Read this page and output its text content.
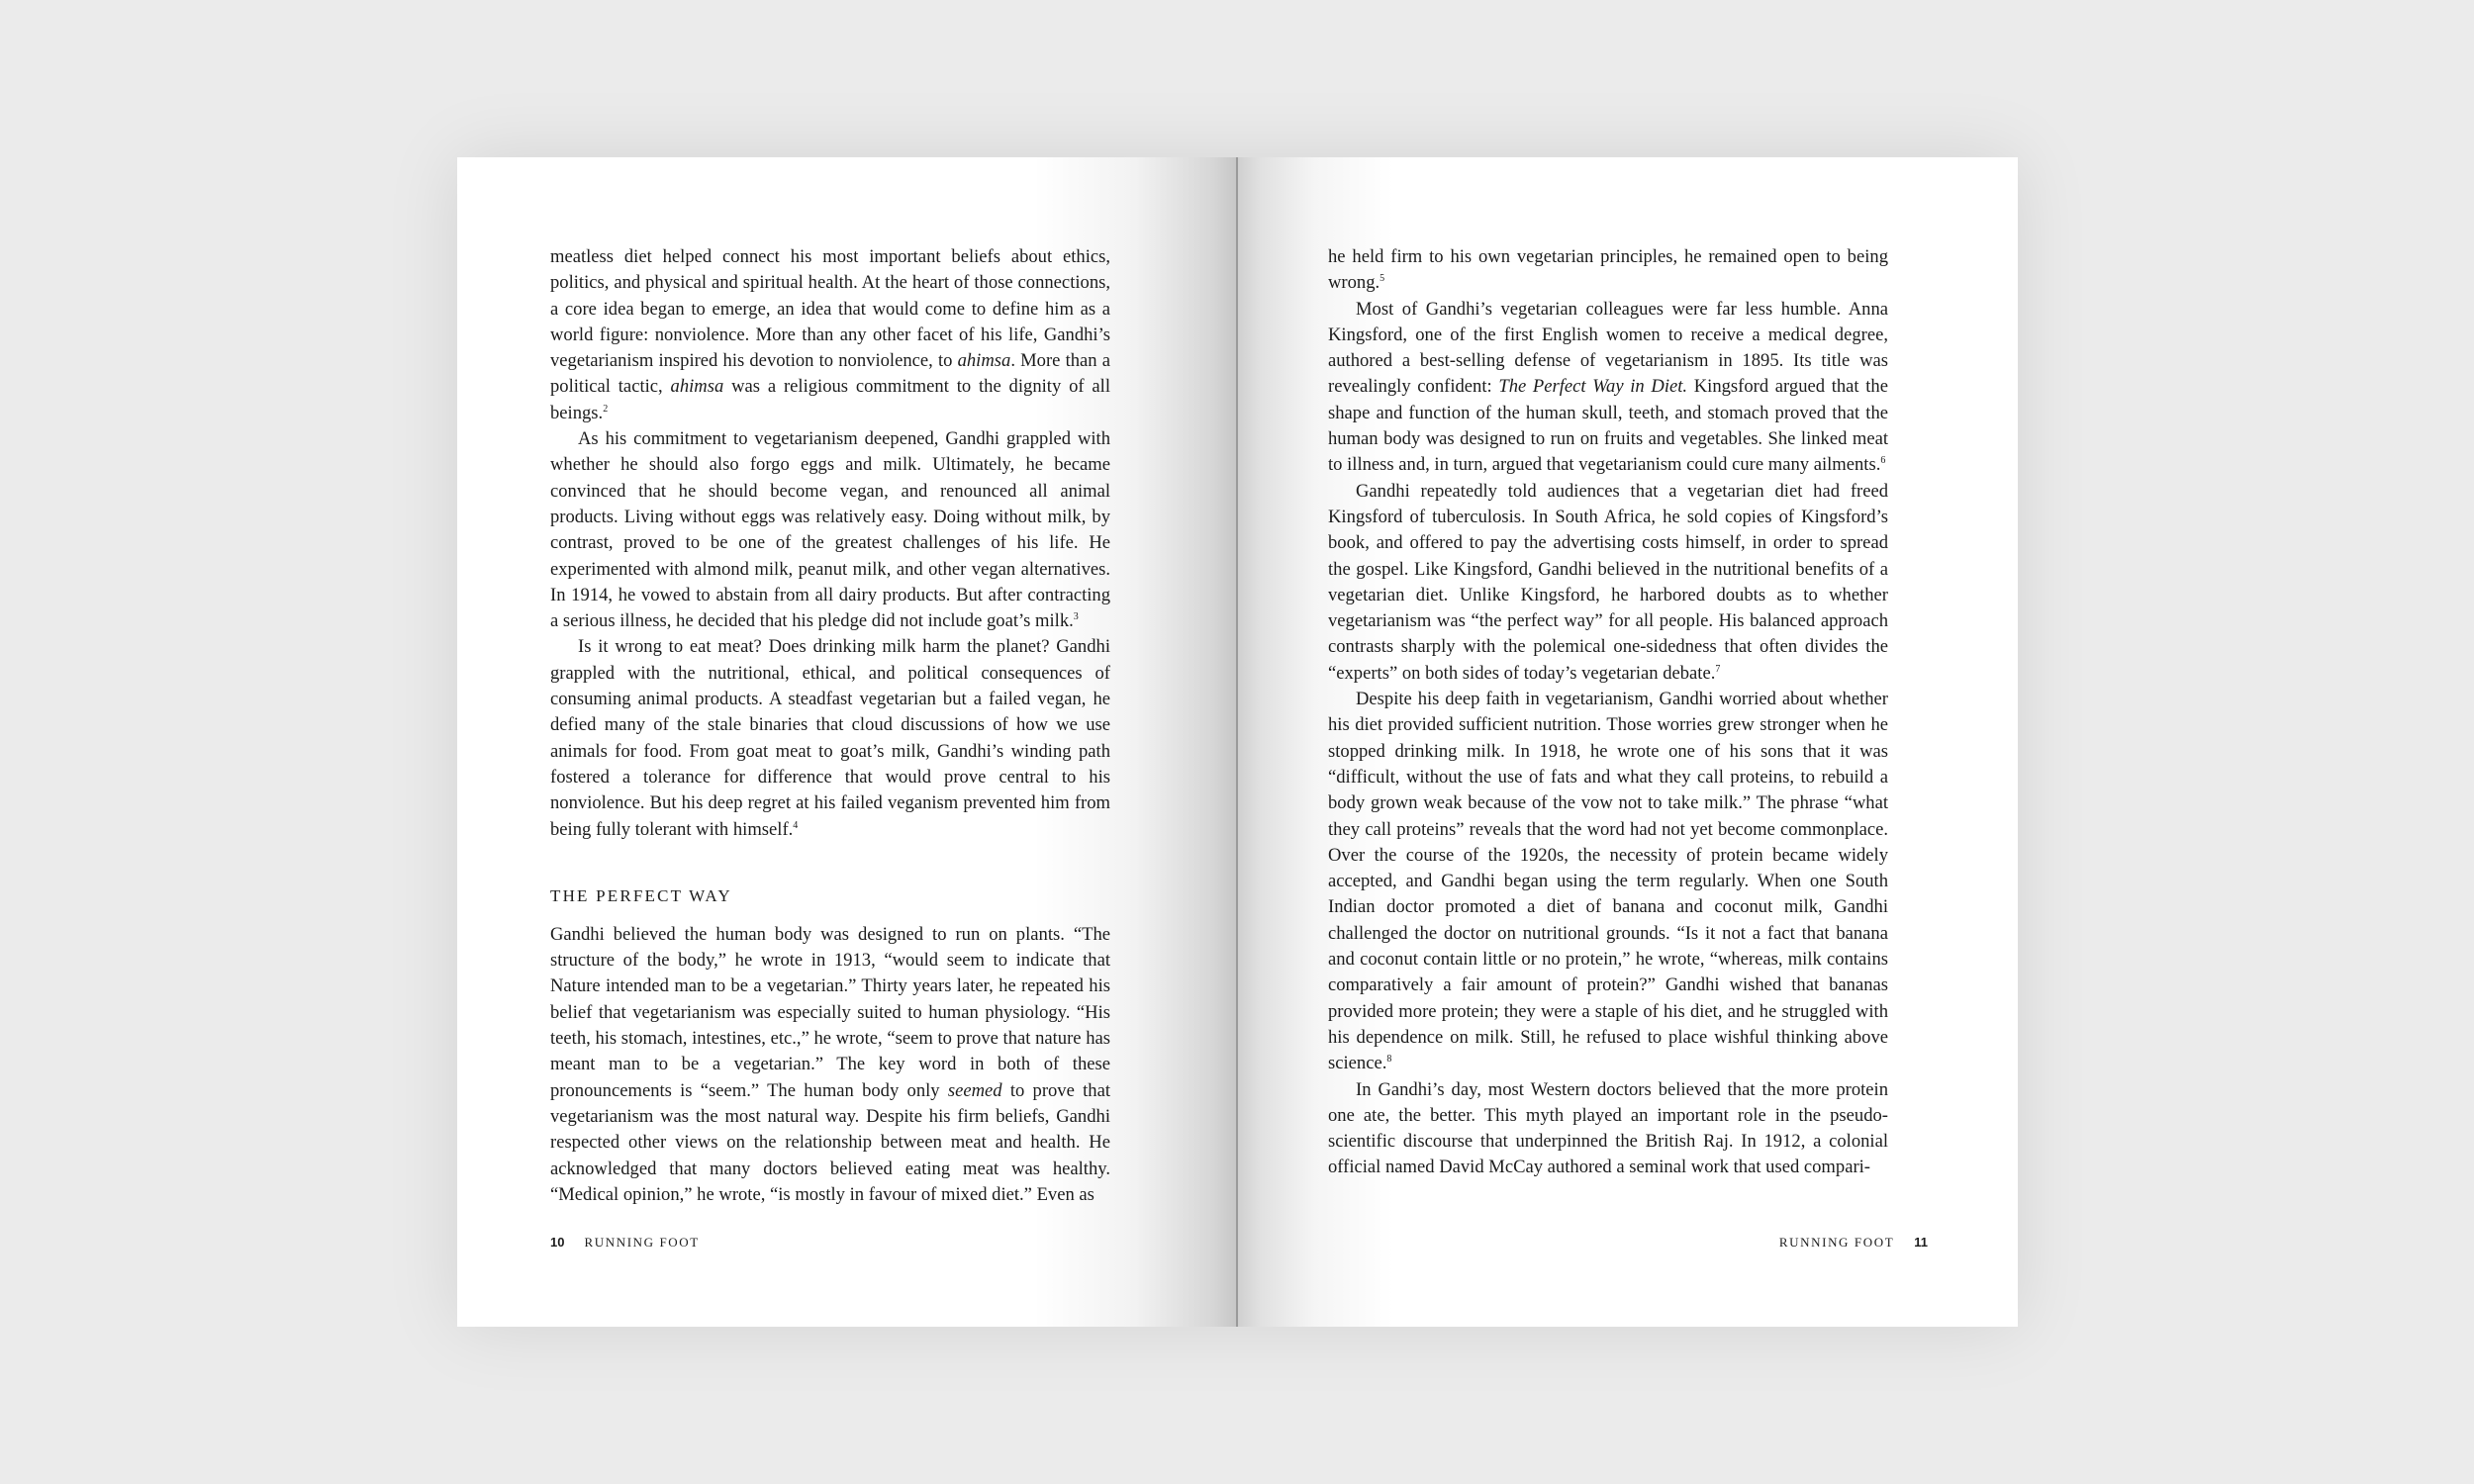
meatless diet helped connect his most important beliefs about ethics, politics, and physical and spiritual health. At the heart of those connections, a core idea began to emerge, an idea that would come to define him as a world figure: nonviolence. More than any other facet of his life, Gandhi’s vegetarianism inspired his devotion to nonviolence, to ahimsa. More than a political tactic, ahimsa was a religious commitment to the dignity of all beings.$^2$

As his commitment to vegetarianism deepened, Gandhi grappled with whether he should also forgo eggs and milk. Ultimately, he became convinced that he should become vegan, and renounced all animal products. Living without eggs was relatively easy. Doing without milk, by contrast, proved to be one of the greatest challenges of his life. He experimented with almond milk, peanut milk, and other vegan alternatives. In 1914, he vowed to abstain from all dairy products. But after contracting a serious illness, he decided that his pledge did not include goat’s milk.$^3$

Is it wrong to eat meat? Does drinking milk harm the planet? Gandhi grappled with the nutritional, ethical, and political consequences of consuming animal products. A steadfast vegetarian but a failed vegan, he defied many of the stale binaries that cloud discussions of how we use animals for food. From goat meat to goat’s milk, Gandhi’s winding path fostered a tolerance for difference that would prove central to his nonviolence. But his deep regret at his failed veganism prevented him from being fully tolerant with himself.$^4$

THE PERFECT WAY

Gandhi believed the human body was designed to run on plants. “The structure of the body,” he wrote in 1913, “would seem to indicate that Nature intended man to be a vegetarian.” Thirty years later, he repeated his belief that vegetarianism was especially suited to human physiology. “His teeth, his stomach, intestines, etc.,” he wrote, “seem to prove that nature has meant man to be a vegetarian.” The key word in both of these pronouncements is “seem.” The human body only seemed to prove that vegetarianism was the most natural way. Despite his firm beliefs, Gandhi respected other views on the relationship between meat and health. He acknowledged that many doctors believed eating meat was healthy. “Medical opinion,” he wrote, “is mostly in favour of mixed diet.” Even as

10 RUNNING FOOT

he held firm to his own vegetarian principles, he remained open to being wrong.$^5$

Most of Gandhi’s vegetarian colleagues were far less humble. Anna Kingsford, one of the first English women to receive a medical degree, authored a best-selling defense of vegetarianism in 1895. Its title was revealingly confident: The Perfect Way in Diet. Kingsford argued that the shape and function of the human skull, teeth, and stomach proved that the human body was designed to run on fruits and vegetables. She linked meat to illness and, in turn, argued that vegetarianism could cure many ailments.$^6$

Gandhi repeatedly told audiences that a vegetarian diet had freed Kingsford of tuberculosis. In South Africa, he sold copies of Kingsford’s book, and offered to pay the advertising costs himself, in order to spread the gospel. Like Kingsford, Gandhi believed in the nutritional benefits of a vegetarian diet. Unlike Kingsford, he harbored doubts as to whether vegetarianism was “the perfect way” for all people. His balanced approach contrasts sharply with the polemical one-sidedness that often divides the “experts” on both sides of today’s vegetarian debate.$^7$

Despite his deep faith in vegetarianism, Gandhi worried about whether his diet provided sufficient nutrition. Those worries grew stronger when he stopped drinking milk. In 1918, he wrote one of his sons that it was “difficult, without the use of fats and what they call proteins, to rebuild a body grown weak because of the vow not to take milk.” The phrase “what they call proteins” reveals that the word had not yet become commonplace. Over the course of the 1920s, the necessity of protein became widely accepted, and Gandhi began using the term regularly. When one South Indian doctor promoted a diet of banana and coconut milk, Gandhi challenged the doctor on nutritional grounds. “Is it not a fact that banana and coconut contain little or no protein,” he wrote, “whereas, milk contains comparatively a fair amount of protein?” Gandhi wished that bananas provided more protein; they were a staple of his diet, and he struggled with his dependence on milk. Still, he refused to place wishful thinking above science.$^8$

In Gandhi’s day, most Western doctors believed that the more protein one ate, the better. This myth played an important role in the pseudo-scientific discourse that underpinned the British Raj. In 1912, a colonial official named David McCay authored a seminal work that used compari-

RUNNING FOOT 11
